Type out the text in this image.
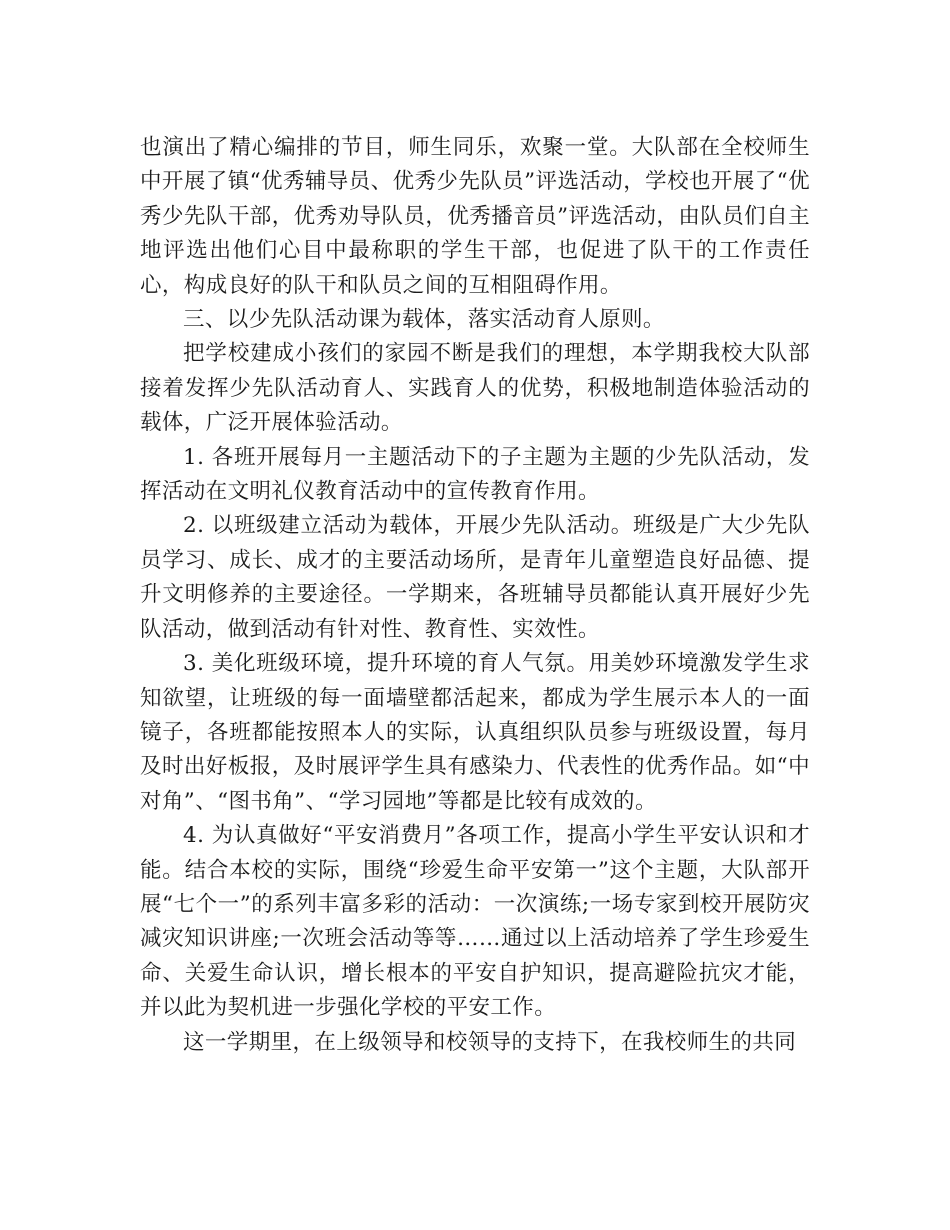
也演出了精心编排的节目，师生同乐，欢聚一堂。大队部在全校师生中开展了镇“优秀辅导员、优秀少先队员”评选活动，学校也开展了“优秀少先队干部，优秀劝导队员，优秀播音员”评选活动，由队员们自主地评选出他们心目中最称职的学生干部，也促进了队干的工作责任心，构成良好的队干和队员之间的互相阻碍作用。

三、以少先队活动课为载体，落实活动育人原则。

把学校建成小孩们的家园不断是我们的理想，本学期我校大队部接着发挥少先队活动育人、实践育人的优势，积极地制造体验活动的载体，广泛开展体验活动。

1. 各班开展每月一主题活动下的子主题为主题的少先队活动，发挥活动在文明礼仪教育活动中的宣传教育作用。

2. 以班级建立活动为载体，开展少先队活动。班级是广大少先队员学习、成长、成才的主要活动场所，是青年儿童塑造良好品德、提升文明修养的主要途径。一学期来，各班辅导员都能认真开展好少先队活动，做到活动有针对性、教育性、实效性。

3. 美化班级环境，提升环境的育人气氛。用美妙环境激发学生求知欲望，让班级的每一面墙壁都活起来，都成为学生展示本人的一面镜子，各班都能按照本人的实际，认真组织队员参与班级设置，每月及时出好板报，及时展评学生具有感染力、代表性的优秀作品。如“中对角”、“图书角”、“学习园地”等都是比较有成效的。

4. 为认真做好“平安消费月”各项工作，提高小学生平安认识和才能。结合本校的实际，围绕“珍爱生命平安第一”这个主题，大队部开展“七个一”的系列丰富多彩的活动：一次演练;一场专家到校开展防灾减灾知识讲座;一次班会活动等等……通过以上活动培养了学生珍爱生命、关爱生命认识，增长根本的平安自护知识，提高避险抗灾才能，并以此为契机进一步强化学校的平安工作。

这一学期里，在上级领导和校领导的支持下，在我校师生的共同
